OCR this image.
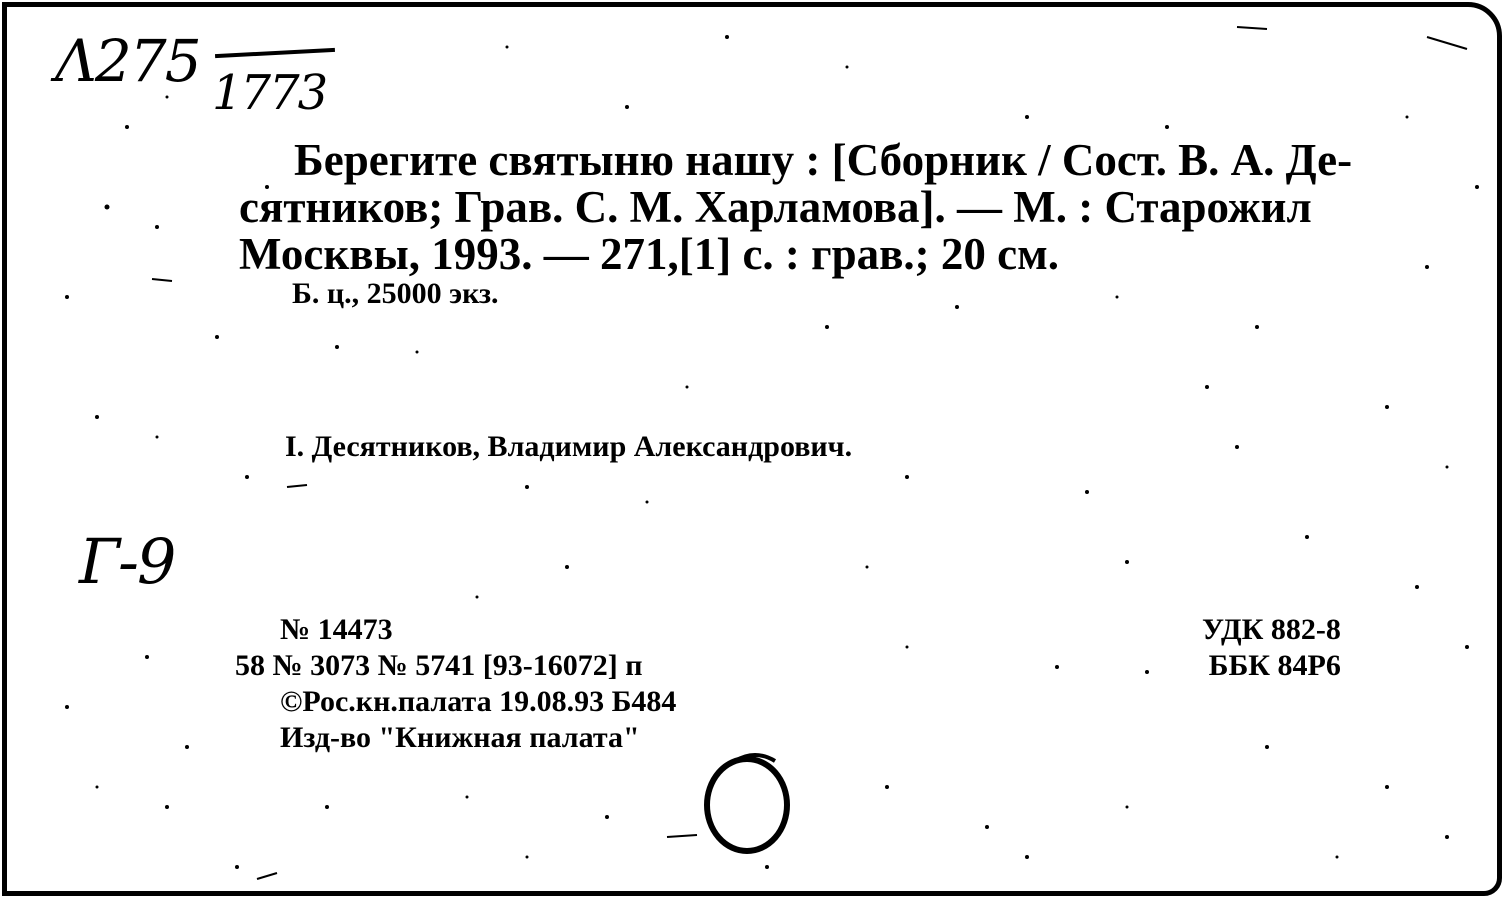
Λ275 1773
Берегите святыню нашу : [Сборник / Сост. В. А. Де-
сятников; Грав. С. М. Харламова]. — М. : Старожил
Москвы, 1993. — 271,[1] с. : грав.; 20 см.
Б. ц., 25000 экз.
I. Десятников, Владимир Александрович.
Г-9
№ 14473
58 № 3073 № 5741 [93-16072] п
©Рос.кн.палата 19.08.93 Б484
Изд-во "Книжная палата"
УДК 882-8
ББК 84Р6
